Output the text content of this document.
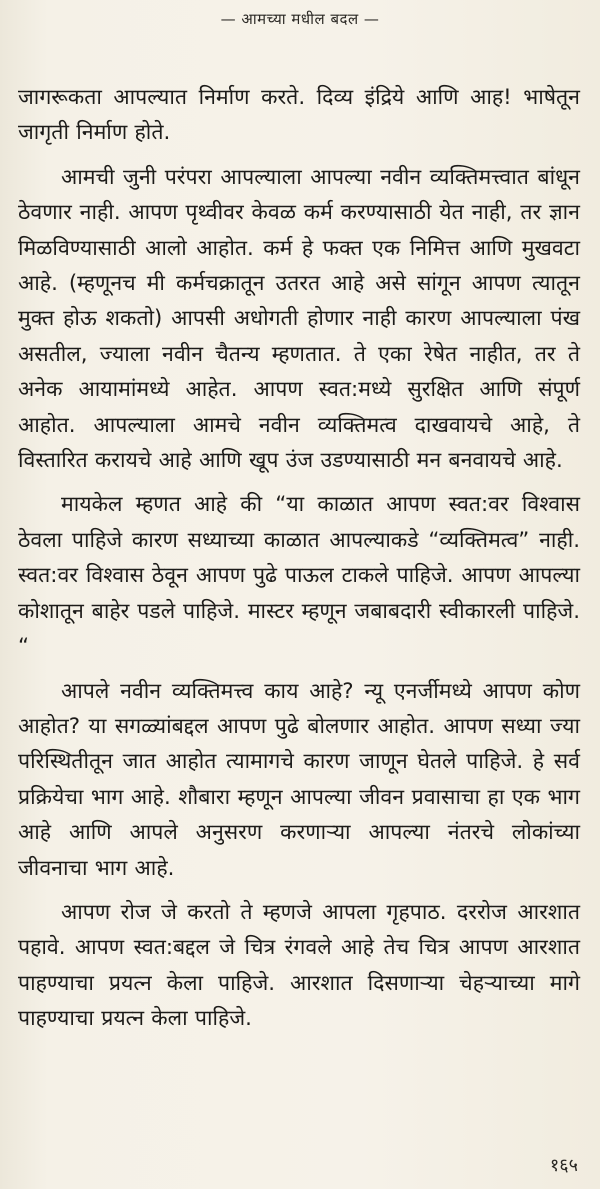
— आमच्या मधील बदल —

जागरूकता आपल्यात निर्माण करते. दिव्य इंद्रिये आणि आह! भाषेतून जागृती निर्माण होते.

आमची जुनी परंपरा आपल्याला आपल्या नवीन व्यक्तिमत्त्वात बांधून ठेवणार नाही. आपण पृथ्वीवर केवळ कर्म करण्यासाठी येत नाही, तर ज्ञान मिळविण्यासाठी आलो आहोत. कर्म हे फक्त एक निमित्त आणि मुखवटा आहे. (म्हणूनच मी कर्मचक्रातून उतरत आहे असे सांगून आपण त्यातून मुक्त होऊ शकतो) आपसी अधोगती होणार नाही कारण आपल्याला पंख असतील, ज्याला नवीन चैतन्य म्हणतात. ते एका रेषेत नाहीत, तर ते अनेक आयामांमध्ये आहेत. आपण स्वत:मध्ये सुरक्षित आणि संपूर्ण आहोत. आपल्याला आमचे नवीन व्यक्तिमत्व दाखवायचे आहे, ते विस्तारित करायचे आहे आणि खूप उंज उडण्यासाठी मन बनवायचे आहे.

मायकेल म्हणत आहे की “या काळात आपण स्वत:वर विश्वास ठेवला पाहिजे कारण सध्याच्या काळात आपल्याकडे “व्यक्तिमत्व” नाही. स्वत:वर विश्वास ठेवून आपण पुढे पाऊल टाकले पाहिजे. आपण आपल्या कोशातून बाहेर पडले पाहिजे. मास्टर म्हणून जबाबदारी स्वीकारली पाहिजे. “

आपले नवीन व्यक्तिमत्त्व काय आहे? न्यू एनर्जीमध्ये आपण कोण आहोत? या सगळ्यांबद्दल आपण पुढे बोलणार आहोत. आपण सध्या ज्या परिस्थितीतून जात आहोत त्यामागचे कारण जाणून घेतले पाहिजे. हे सर्व प्रक्रियेचा भाग आहे. शौबारा म्हणून आपल्या जीवन प्रवासाचा हा एक भाग आहे आणि आपले अनुसरण करणाऱ्या आपल्या नंतरचे लोकांच्या जीवनाचा भाग आहे.

आपण रोज जे करतो ते म्हणजे आपला गृहपाठ. दररोज आरशात पहावे. आपण स्वत:बद्दल जे चित्र रंगवले आहे तेच चित्र आपण आरशात पाहण्याचा प्रयत्न केला पाहिजे. आरशात दिसणाऱ्या चेहऱ्याच्या मागे पाहण्याचा प्रयत्न केला पाहिजे.

१६५
